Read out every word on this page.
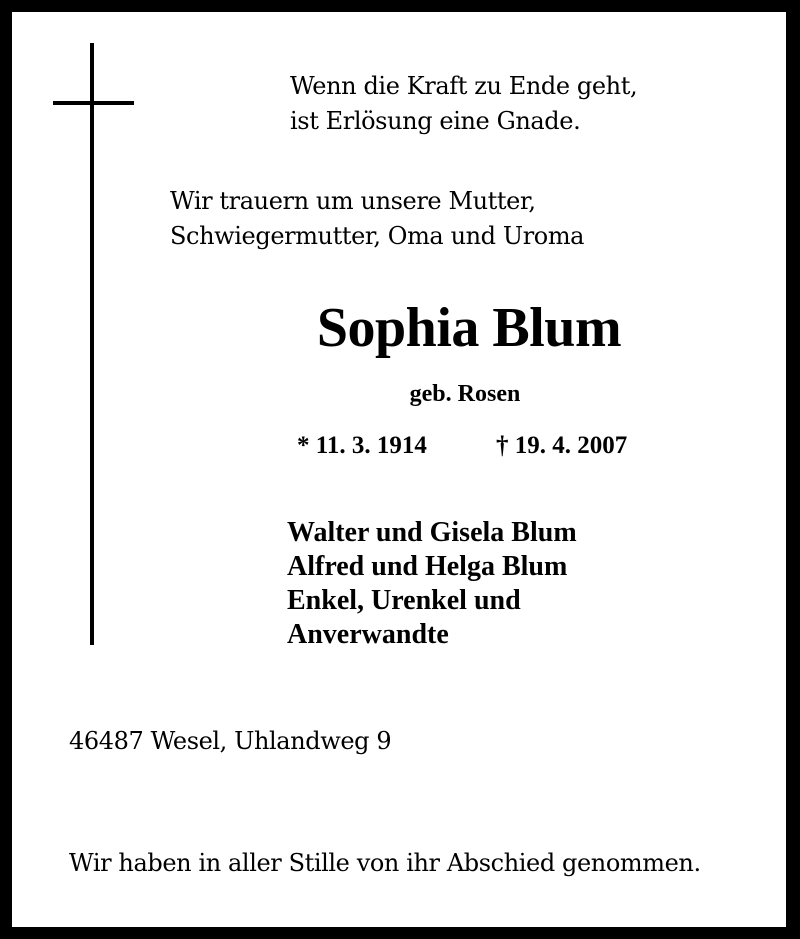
Wenn die Kraft zu Ende geht,
ist Erlösung eine Gnade.
Wir trauern um unsere Mutter,
Schwiegermutter, Oma und Uroma
Sophia Blum
geb. Rosen
* 11. 3. 1914	† 19. 4. 2007
Walter und Gisela Blum
Alfred und Helga Blum
Enkel, Urenkel und
Anverwandte
46487 Wesel, Uhlandweg 9
Wir haben in aller Stille von ihr Abschied genommen.
